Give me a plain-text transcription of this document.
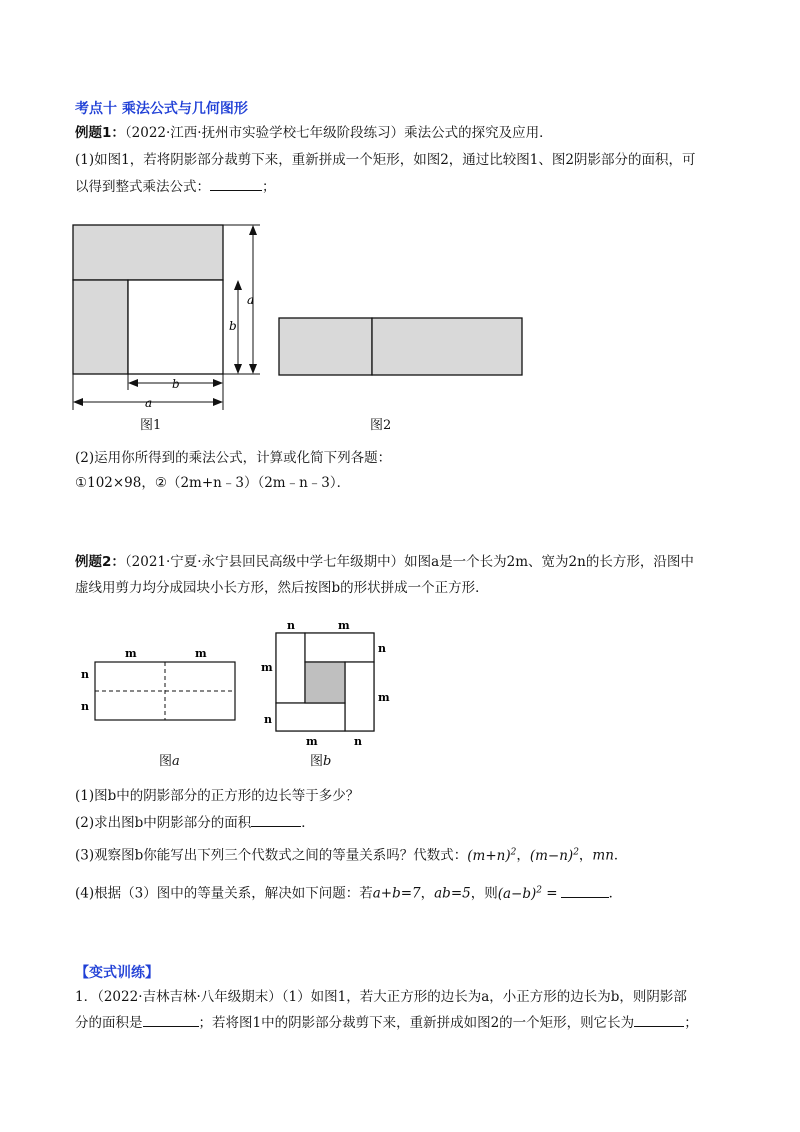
考点十 乘法公式与几何图形
例题1：（2022·江西·抚州市实验学校七年级阶段练习）乘法公式的探究及应用．
(1)如图1，若将阴影部分裁剪下来，重新拼成一个矩形，如图2，通过比较图1、图2阴影部分的面积，可
以得到整式乘法公式：	；
a
b
b
a
图1	图2
(2)运用你所得到的乘法公式，计算或化简下列各题：
①102×98，②（2m+n﹣3）（2m﹣n﹣3）．
例题2：（2021·宁夏·永宁县回民高级中学七年级期中）如图a是一个长为2m、宽为2n的长方形，沿图中
虚线用剪力均分成园块小长方形，然后按图b的形状拼成一个正方形．
m	m
n
n
图a
n	m
n
m
m
n
m	n
图b
(1)图b中的阴影部分的正方形的边长等于多少？
(2)求出图b中阴影部分的面积	．
(3)观察图b你能写出下列三个代数式之间的等量关系吗？代数式：$(m+n)^2$，$(m-n)^2$，mn．
(4)根据（3）图中的等量关系，解决如下问题：若a+b=7，ab=5，则$(a-b)^2$ =	．
【变式训练】
1．（2022·吉林吉林·八年级期末）（1）如图1，若大正方形的边长为a，小正方形的边长为b，则阴影部
分的面积是	；若将图1中的阴影部分裁剪下来，重新拼成如图2的一个矩形，则它长为	；
